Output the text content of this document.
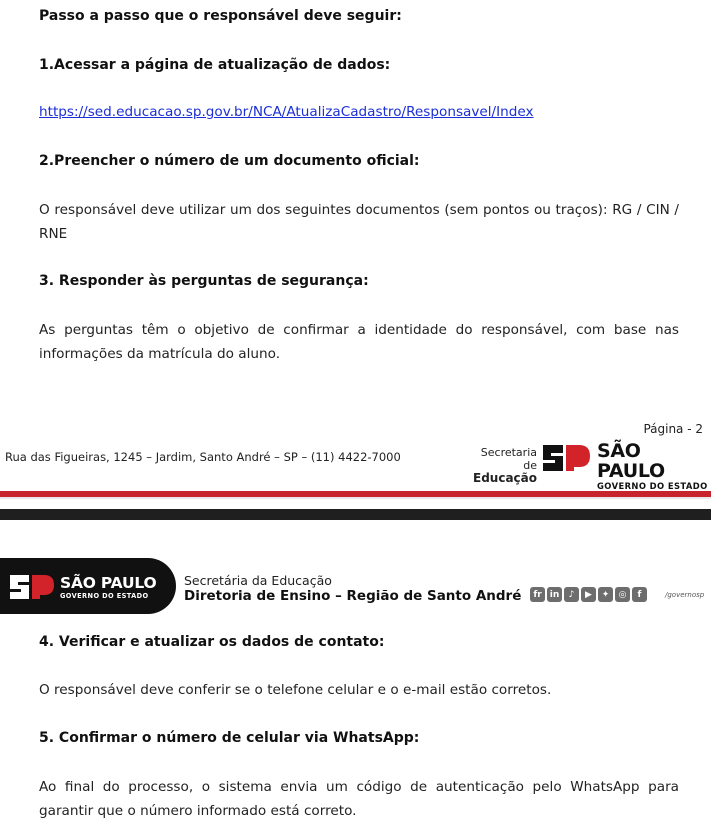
Passo a passo que o responsável deve seguir:
1.Acessar a página de atualização de dados:
https://sed.educacao.sp.gov.br/NCA/AtualizaCadastro/Responsavel/Index
2.Preencher o número de um documento oficial:
O responsável deve utilizar um dos seguintes documentos (sem pontos ou traços): RG / CIN / RNE
3. Responder às perguntas de segurança:
As perguntas têm o objetivo de confirmar a identidade do responsável, com base nas informações da matrícula do aluno.
Página - 2
Rua das Figueiras, 1245 – Jardim, Santo André – SP – (11) 4422-7000	Secretaria de
Educação
SÃO PAULO
GOVERNO DO ESTADO
SÃO PAULO
GOVERNO DO ESTADO
Secretária da Educação
Diretoria de Ensino – Região de Santo André	fr in	♪	▶	✦	◎	f	/governosp
4. Verificar e atualizar os dados de contato:
O responsável deve conferir se o telefone celular e o e-mail estão corretos.
5. Confirmar o número de celular via WhatsApp:
Ao final do processo, o sistema envia um código de autenticação pelo WhatsApp para garantir que o número informado está correto.
